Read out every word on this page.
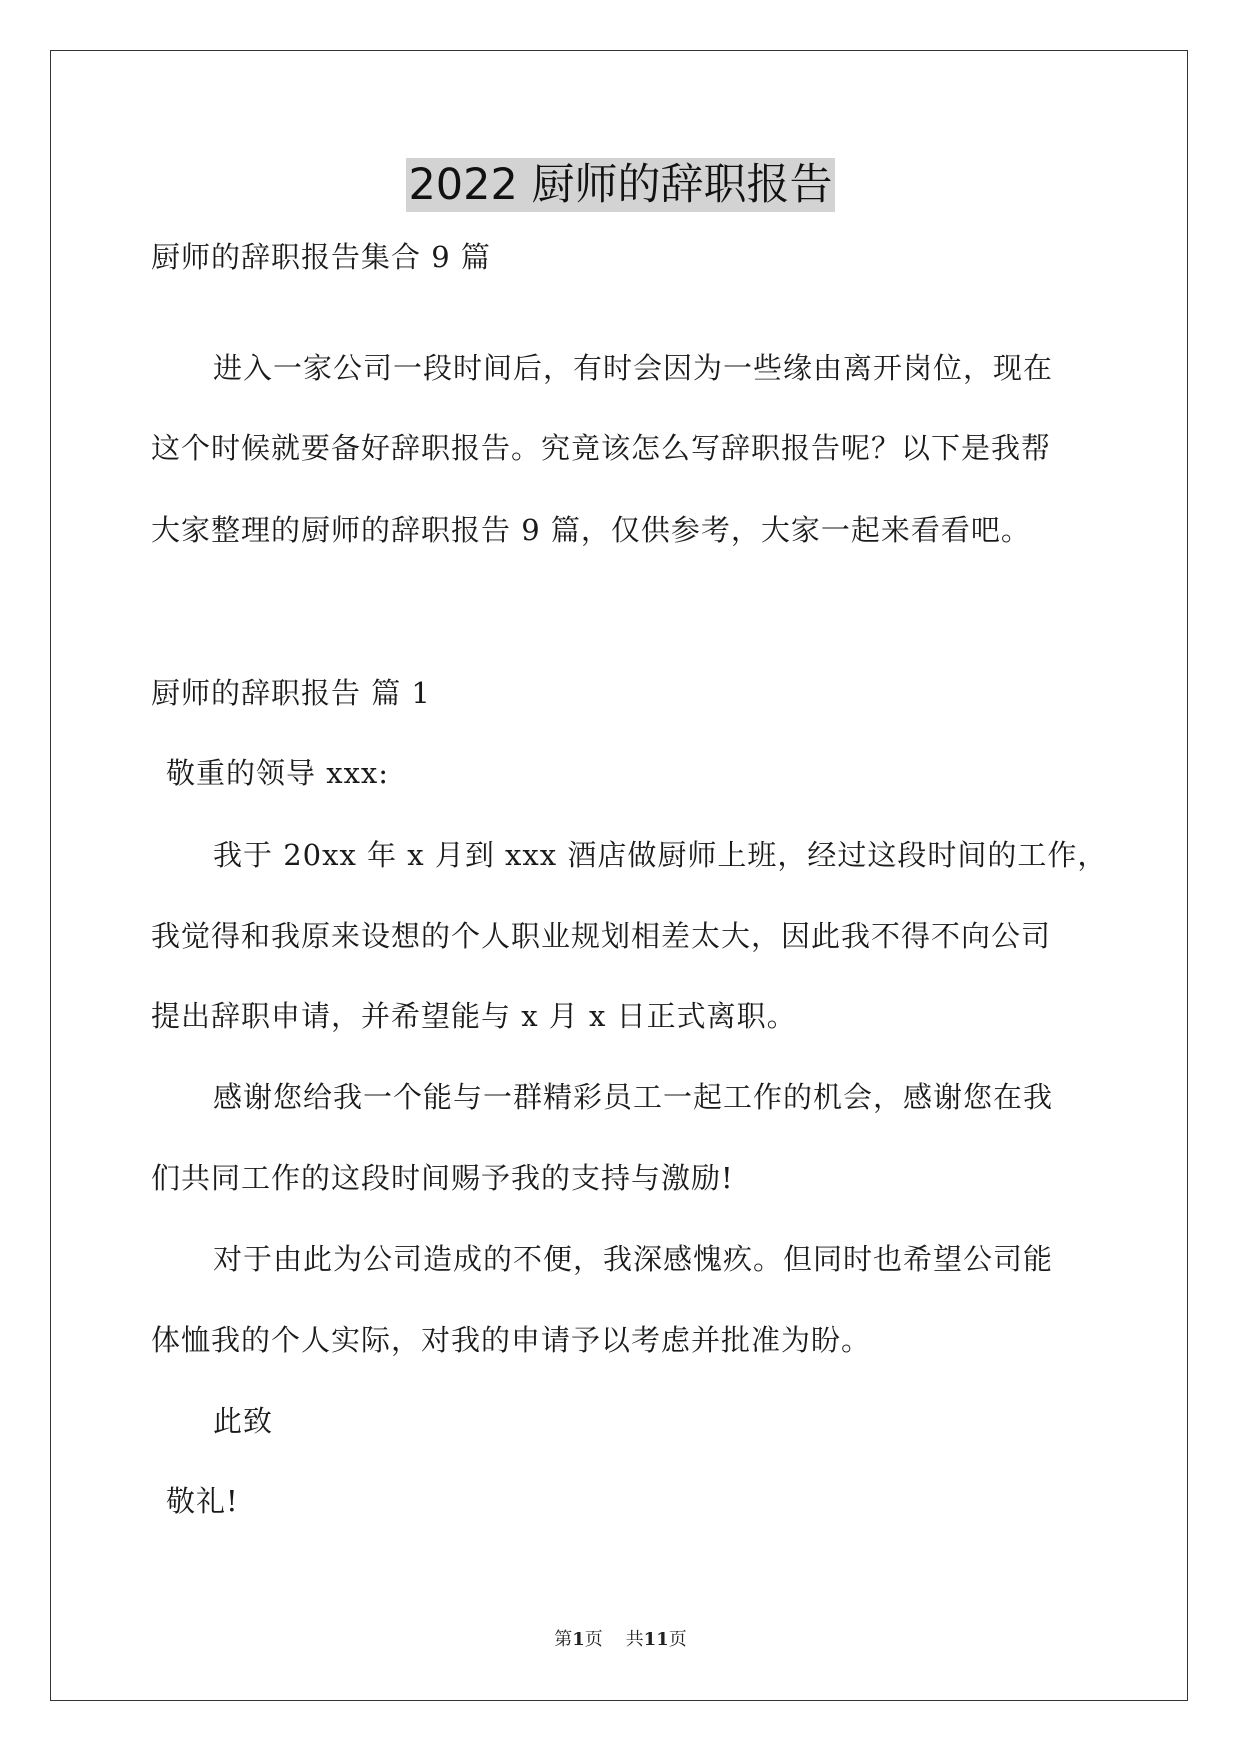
2022 厨师的辞职报告
厨师的辞职报告集合 9 篇
进入一家公司一段时间后，有时会因为一些缘由离开岗位，现在
这个时候就要备好辞职报告。究竟该怎么写辞职报告呢？以下是我帮
大家整理的厨师的辞职报告 9 篇，仅供参考，大家一起来看看吧。
厨师的辞职报告 篇 1
敬重的领导 xxx:
我于 20xx 年 x 月到 xxx 酒店做厨师上班，经过这段时间的工作，
我觉得和我原来设想的个人职业规划相差太大，因此我不得不向公司
提出辞职申请，并希望能与 x 月 x 日正式离职。
感谢您给我一个能与一群精彩员工一起工作的机会，感谢您在我
们共同工作的这段时间赐予我的支持与激励!
对于由此为公司造成的不便，我深感愧疚。但同时也希望公司能
体恤我的个人实际，对我的申请予以考虑并批准为盼。
此致
敬礼!
第1页 共11页
